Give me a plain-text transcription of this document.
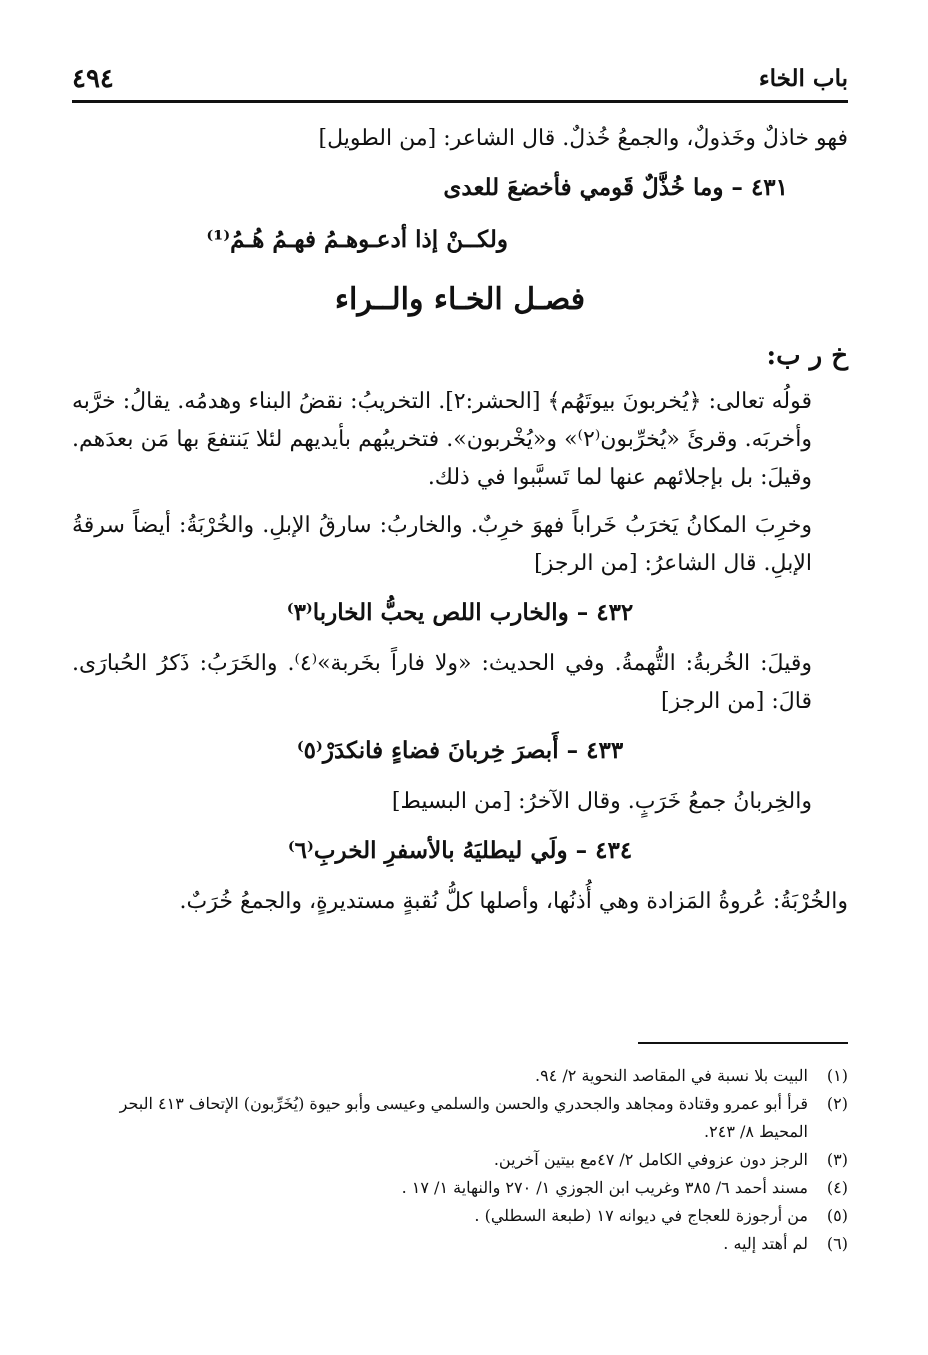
باب الخاء
٤٩٤

فهو خاذلٌ وخَذولٌ، والجمعُ خُذلٌ. قال الشاعر: [من الطويل]

٤٣١ – وما خُذَّلٌ قَومي فأخضعَ للعدى
ولكــنْ إذا أدعـوهـمُ فهـمُ هُـمُ⁽¹⁾
فصـل الخـاء والــراء
خ ر ب:

قولُه تعالى: ﴿يُخربونَ بيوتَهُم﴾ [الحشر:٢]. التخريبُ: نقضُ البناء وهدمُه. يقالُ: خرَّبه وأخربَه. وقرئَ «يُخرِّبون⁽٢⁾» و«يُخْربون». فتخريبُهم بأيديهم لئلا يَنتفعَ بها مَن بعدَهم. وقيلَ: بل بإجلائهم عنها لما تَسبَّبوا في ذلك.

وخرِبَ المكانُ يَخرَبُ خَراباً فهوَ خرِبٌ. والخاربُ: سارقُ الإبلِ. والخُرْبَةُ: أيضاً سرقةُ الإبلِ. قال الشاعرُ: [من الرجز]

٤٣٢ – والخارب اللص يحبُّ الخاربا⁽٣⁾

وقيلَ: الخُربةُ: التُّهمةُ. وفي الحديث: «ولا فاراً بخَربة»⁽٤⁾. والخَرَبُ: ذَكرُ الحُبارَى. قالَ: [من الرجز]

٤٣٣ – أَبصرَ خِربانَ فضاءٍ فانكدَرْ⁽٥⁾

والخِربانُ جمعُ خَرَبٍ. وقال الآخرُ: [من البسيط]

٤٣٤ – ولَي ليطليَهُ بالأسفرِ الخربِ⁽٦⁾

والخُرْبَةُ: عُروةُ المَزادة وهي أُذنُها، وأصلها كلُّ نُقبةٍ مستديرةٍ، والجمعُ خُرَبٌ.

(١)
البيت بلا نسبة في المقاصد النحوية ٢/ ٩٤.
(٢)
قرأ أبو عمرو وقتادة ومجاهد والجحدري والحسن والسلمي وعيسى وأبو حيوة (يُخَرِّبون) الإتحاف ٤١٣ البحر المحيط ٨/ ٢٤٣.
(٣)
الرجز دون عزوفي الكامل ٢/ ٤٧مع بيتين آخرين.
(٤)
مسند أحمد ٦/ ٣٨٥ وغريب ابن الجوزي ١/ ٢٧٠ والنهاية ١/ ١٧ .
(٥)
من أرجوزة للعجاج في ديوانه ١٧ (طبعة السطلي) .
(٦)
لم أهتد إليه .
